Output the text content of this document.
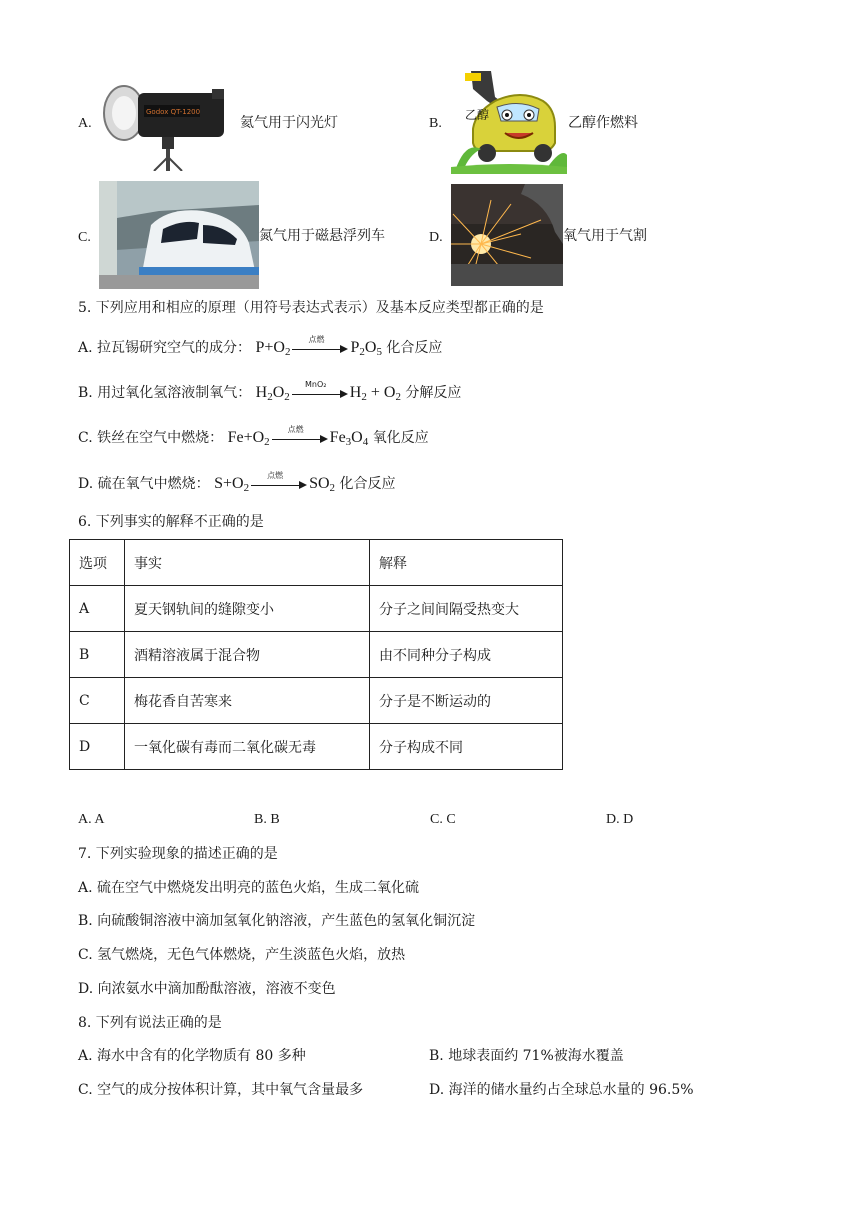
A.
Godox QT-1200
氦气用于闪光灯	B.
乙醇	乙醇作燃料
C.	氮气用于磁悬浮列车	D.	氧气用于气割
5. 下列应用和相应的原理（用符号表达式表示）及基本反应类型都正确的是
A. 拉瓦锡研究空气的成分： $P+O_2$
点燃	$P_2O_5$ 化合反应
B. 用过氧化氢溶液制氧气： $H_2O_2$
MnO₂	$H_2 + O_2$ 分解反应
C. 铁丝在空气中燃烧： $Fe+O_2$
点燃	$Fe_3O_4$ 氧化反应
D. 硫在氧气中燃烧： $S+O_2$
点燃	$SO_2$ 化合反应
6. 下列事实的解释不正确的是
选项	事实	解释
A	夏天钢轨间的缝隙变小	分子之间间隔受热变大
B	酒精溶液属于混合物	由不同种分子构成
C	梅花香自苦寒来	分子是不断运动的
D	一氧化碳有毒而二氧化碳无毒	分子构成不同
A. A	B. B	C. C	D. D
7. 下列实验现象的描述正确的是
A. 硫在空气中燃烧发出明亮的蓝色火焰，生成二氧化硫
B. 向硫酸铜溶液中滴加氢氧化钠溶液，产生蓝色的氢氧化铜沉淀
C. 氢气燃烧，无色气体燃烧，产生淡蓝色火焰，放热
D. 向浓氨水中滴加酚酞溶液，溶液不变色
8. 下列有说法正确的是
A. 海水中含有的化学物质有 80 多种	B. 地球表面约 71%被海水覆盖
C. 空气的成分按体积计算，其中氧气含量最多	D. 海洋的储水量约占全球总水量的 96.5%
